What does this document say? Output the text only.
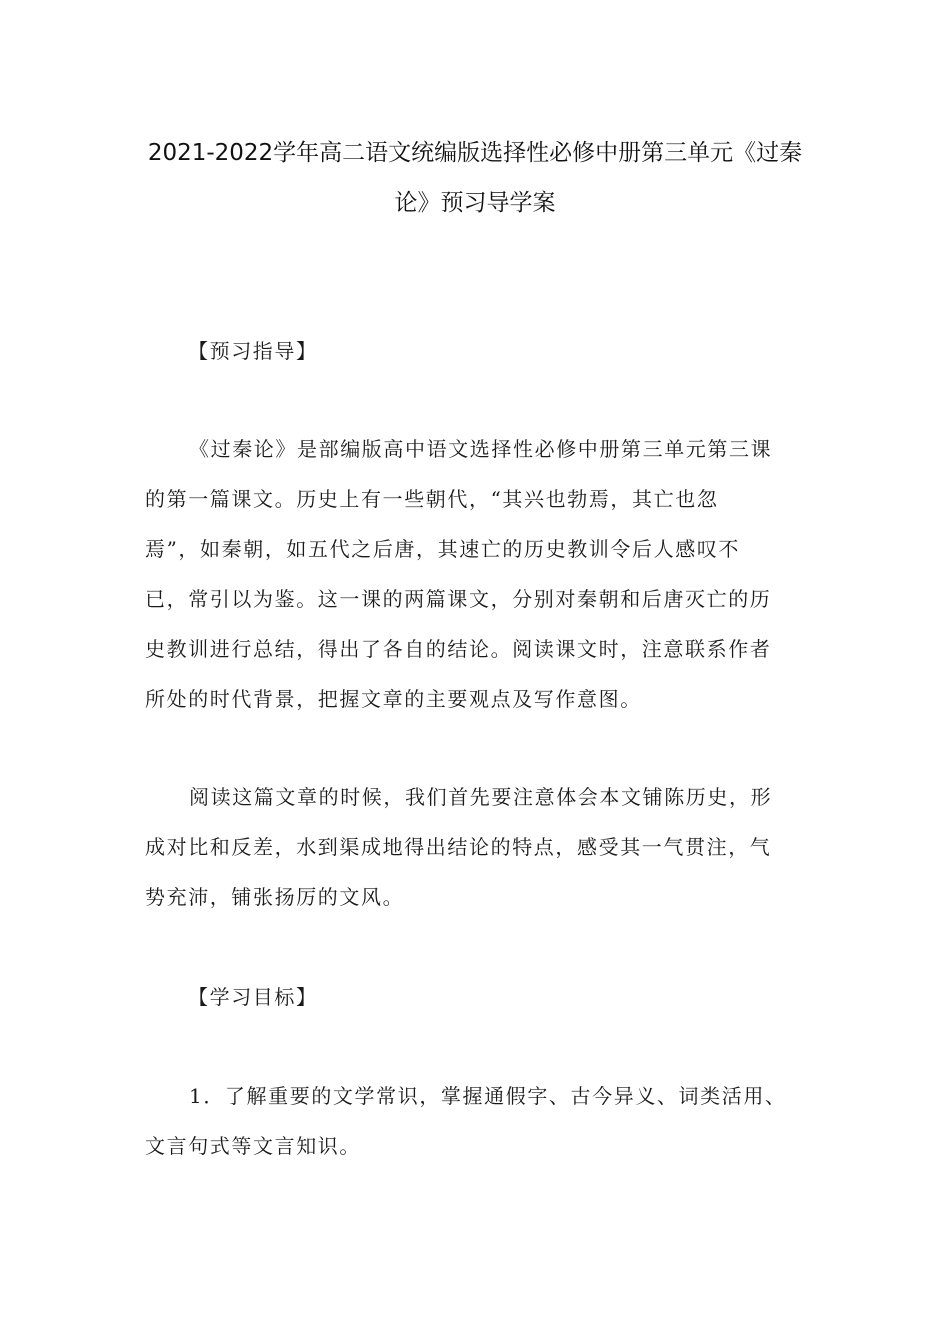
2021-2022学年高二语文统编版选择性必修中册第三单元《过秦
论》预习导学案
【预习指导】
《过秦论》是部编版高中语文选择性必修中册第三单元第三课
的第一篇课文。历史上有一些朝代，“其兴也勃焉，其亡也忽
焉”，如秦朝，如五代之后唐，其速亡的历史教训令后人感叹不
已，常引以为鉴。这一课的两篇课文，分别对秦朝和后唐灭亡的历
史教训进行总结，得出了各自的结论。阅读课文时，注意联系作者
所处的时代背景，把握文章的主要观点及写作意图。
阅读这篇文章的时候，我们首先要注意体会本文铺陈历史，形
成对比和反差，水到渠成地得出结论的特点，感受其一气贯注，气
势充沛，铺张扬厉的文风。
【学习目标】
1．了解重要的文学常识，掌握通假字、古今异义、词类活用、
文言句式等文言知识。
